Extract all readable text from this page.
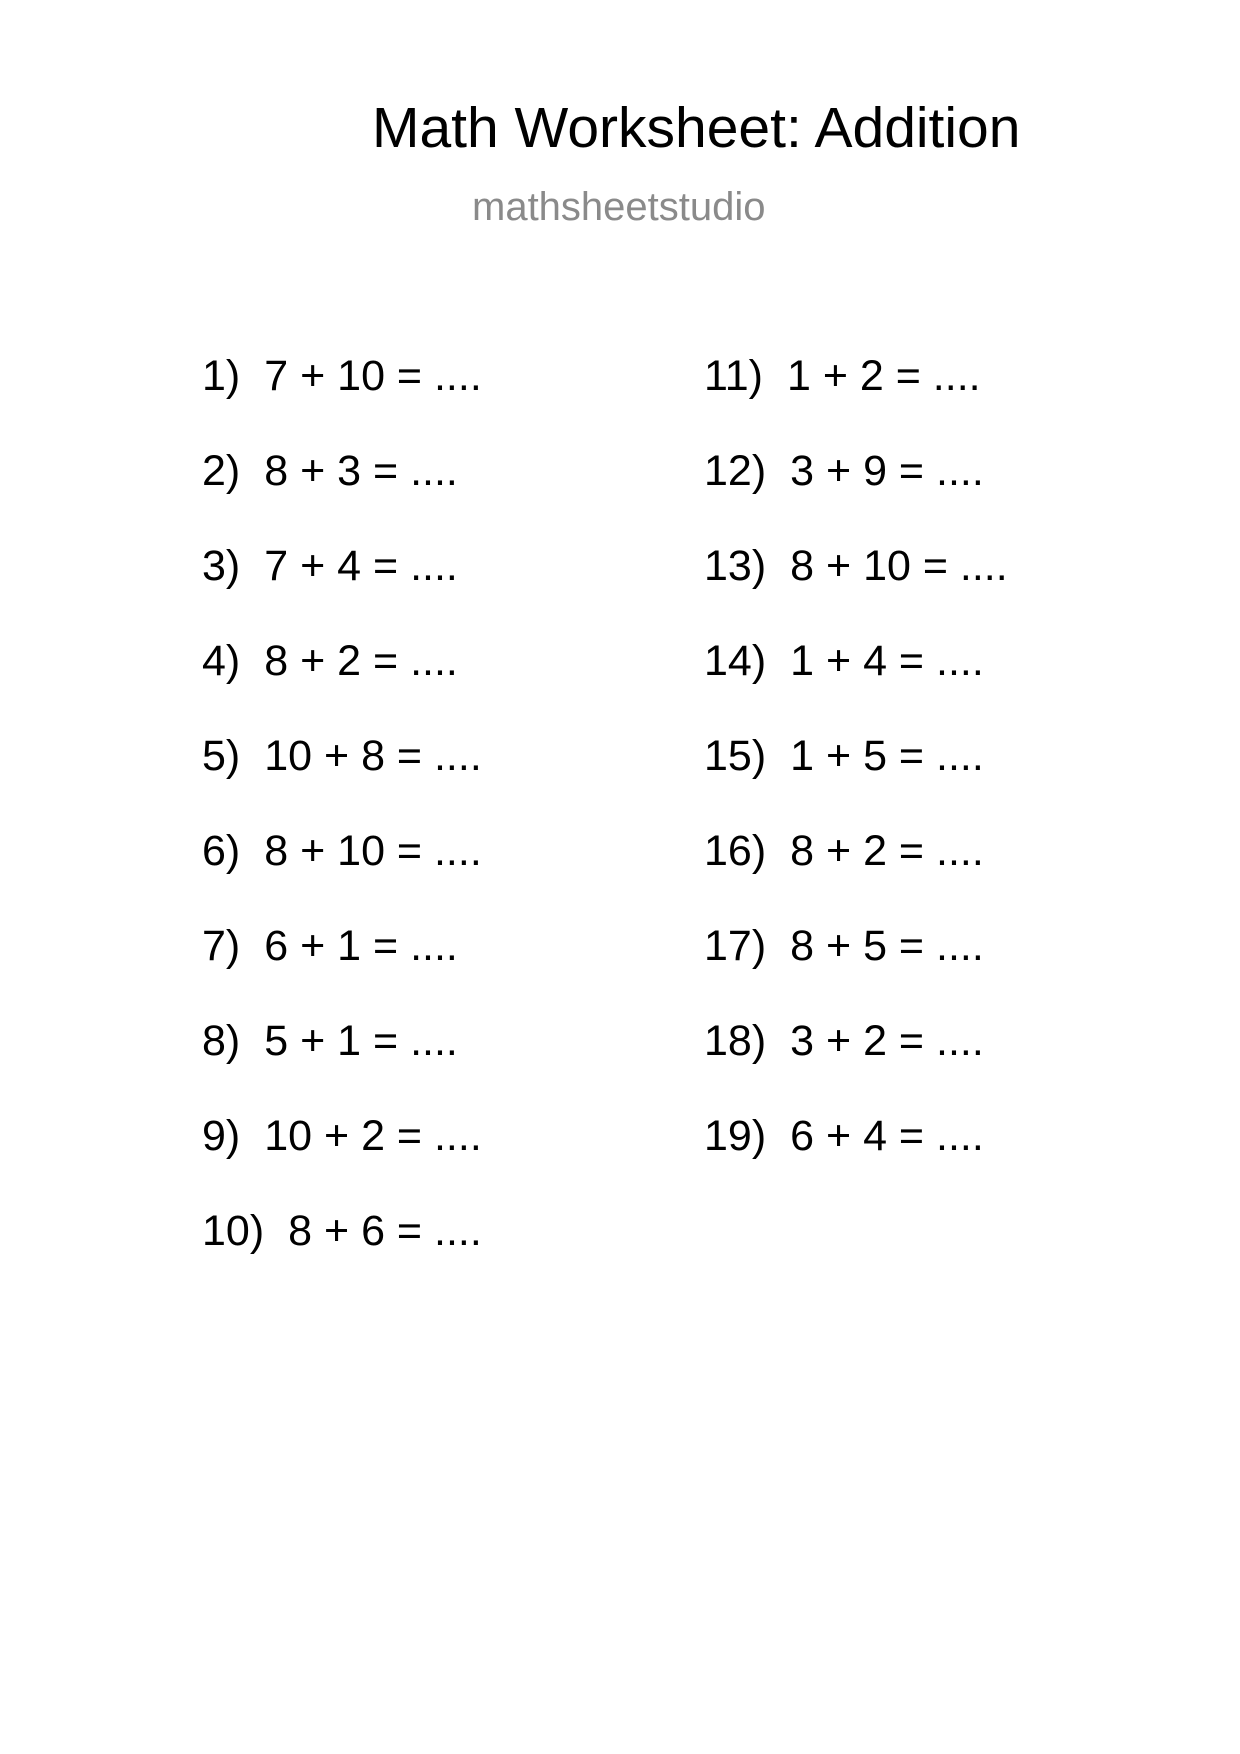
Math Worksheet: Addition
mathsheetstudio
1) 7 + 10 = ....
2) 8 + 3 = ....
3) 7 + 4 = ....
4) 8 + 2 = ....
5) 10 + 8 = ....
6) 8 + 10 = ....
7) 6 + 1 = ....
8) 5 + 1 = ....
9) 10 + 2 = ....
10) 8 + 6 = ....
11) 1 + 2 = ....
12) 3 + 9 = ....
13) 8 + 10 = ....
14) 1 + 4 = ....
15) 1 + 5 = ....
16) 8 + 2 = ....
17) 8 + 5 = ....
18) 3 + 2 = ....
19) 6 + 4 = ....
